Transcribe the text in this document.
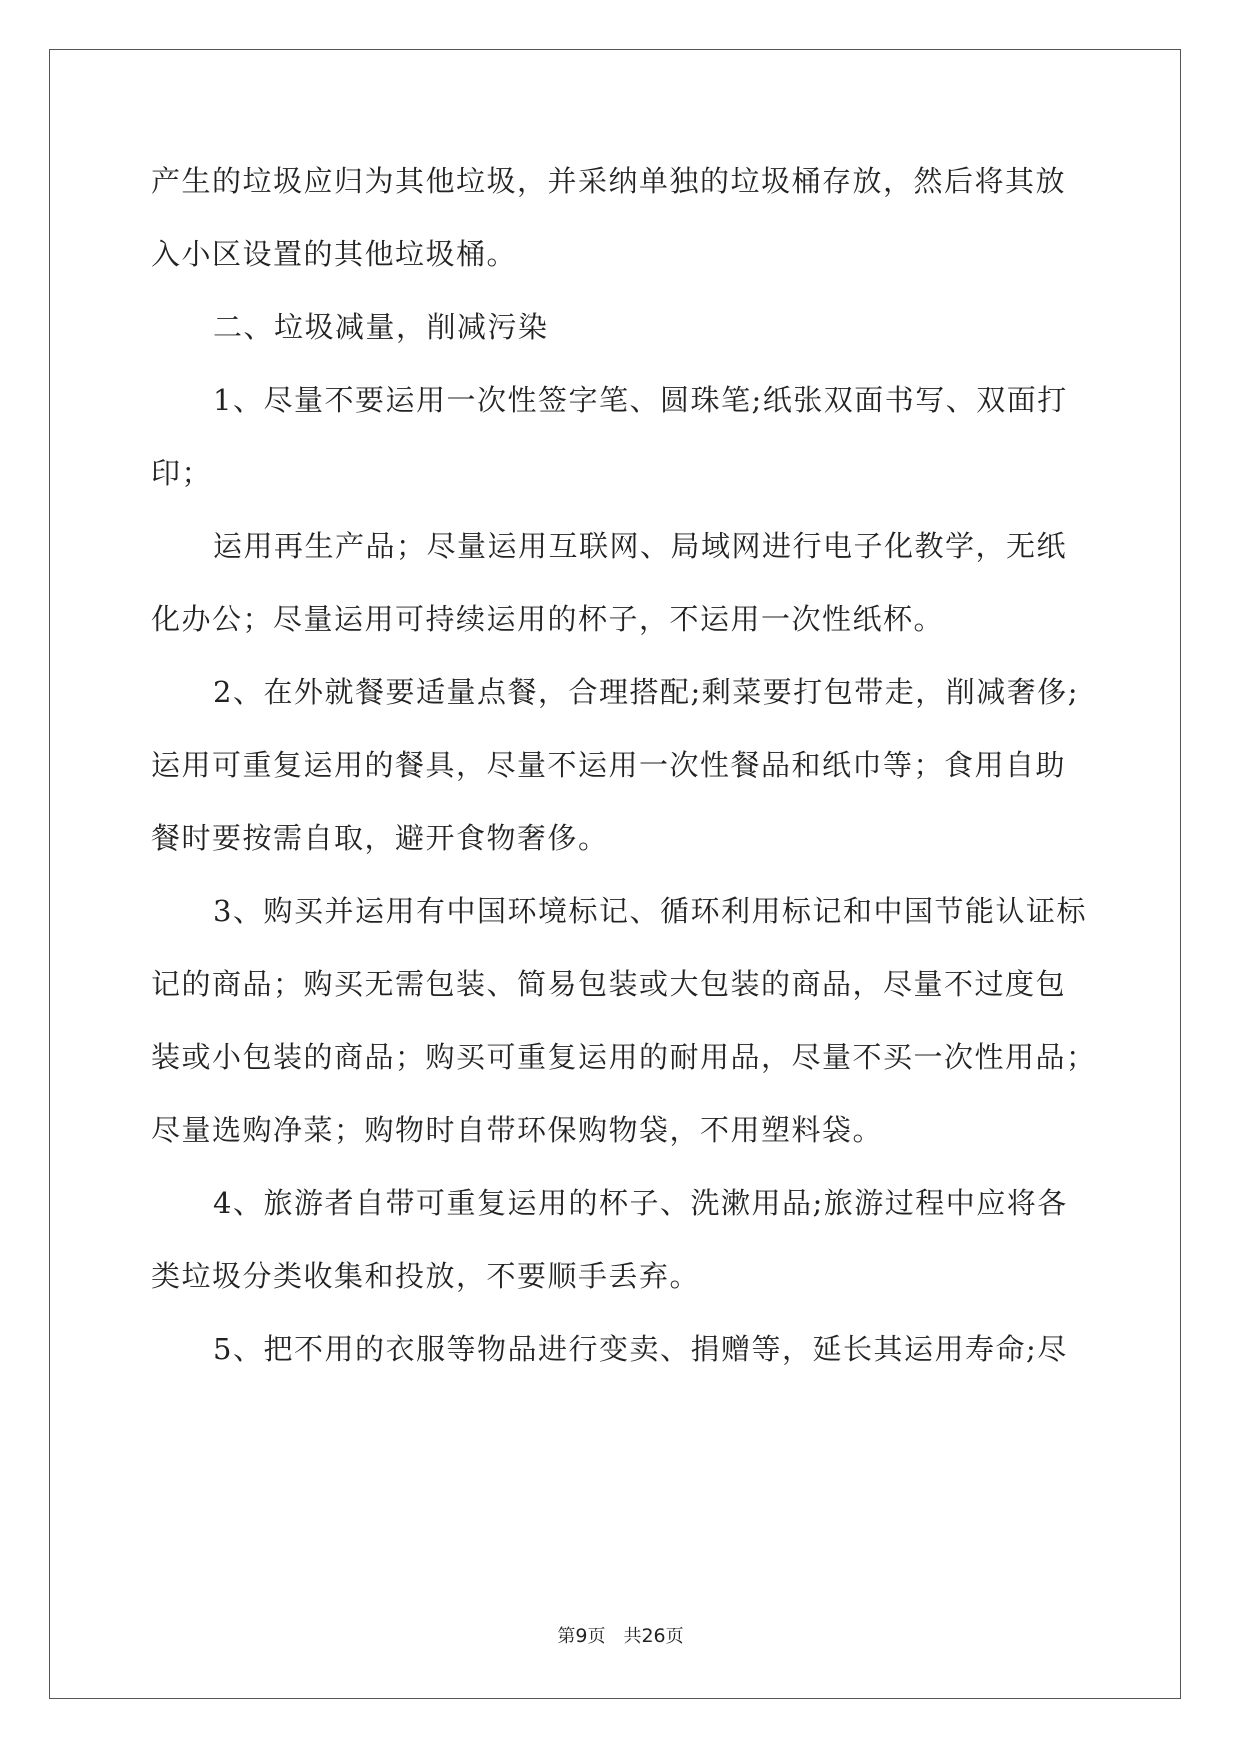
产生的垃圾应归为其他垃圾，并采纳单独的垃圾桶存放，然后将其放
入小区设置的其他垃圾桶。
二、垃圾减量，削减污染
1、尽量不要运用一次性签字笔、圆珠笔;纸张双面书写、双面打
印；
运用再生产品；尽量运用互联网、局域网进行电子化教学，无纸
化办公；尽量运用可持续运用的杯子，不运用一次性纸杯。
2、在外就餐要适量点餐，合理搭配;剩菜要打包带走，削减奢侈;
运用可重复运用的餐具，尽量不运用一次性餐品和纸巾等；食用自助
餐时要按需自取，避开食物奢侈。
3、购买并运用有中国环境标记、循环利用标记和中国节能认证标
记的商品；购买无需包装、简易包装或大包装的商品，尽量不过度包
装或小包装的商品；购买可重复运用的耐用品，尽量不买一次性用品；
尽量选购净菜；购物时自带环保购物袋，不用塑料袋。
4、旅游者自带可重复运用的杯子、洗漱用品;旅游过程中应将各
类垃圾分类收集和投放，不要顺手丢弃。
5、把不用的衣服等物品进行变卖、捐赠等，延长其运用寿命;尽
第9页 共26页
